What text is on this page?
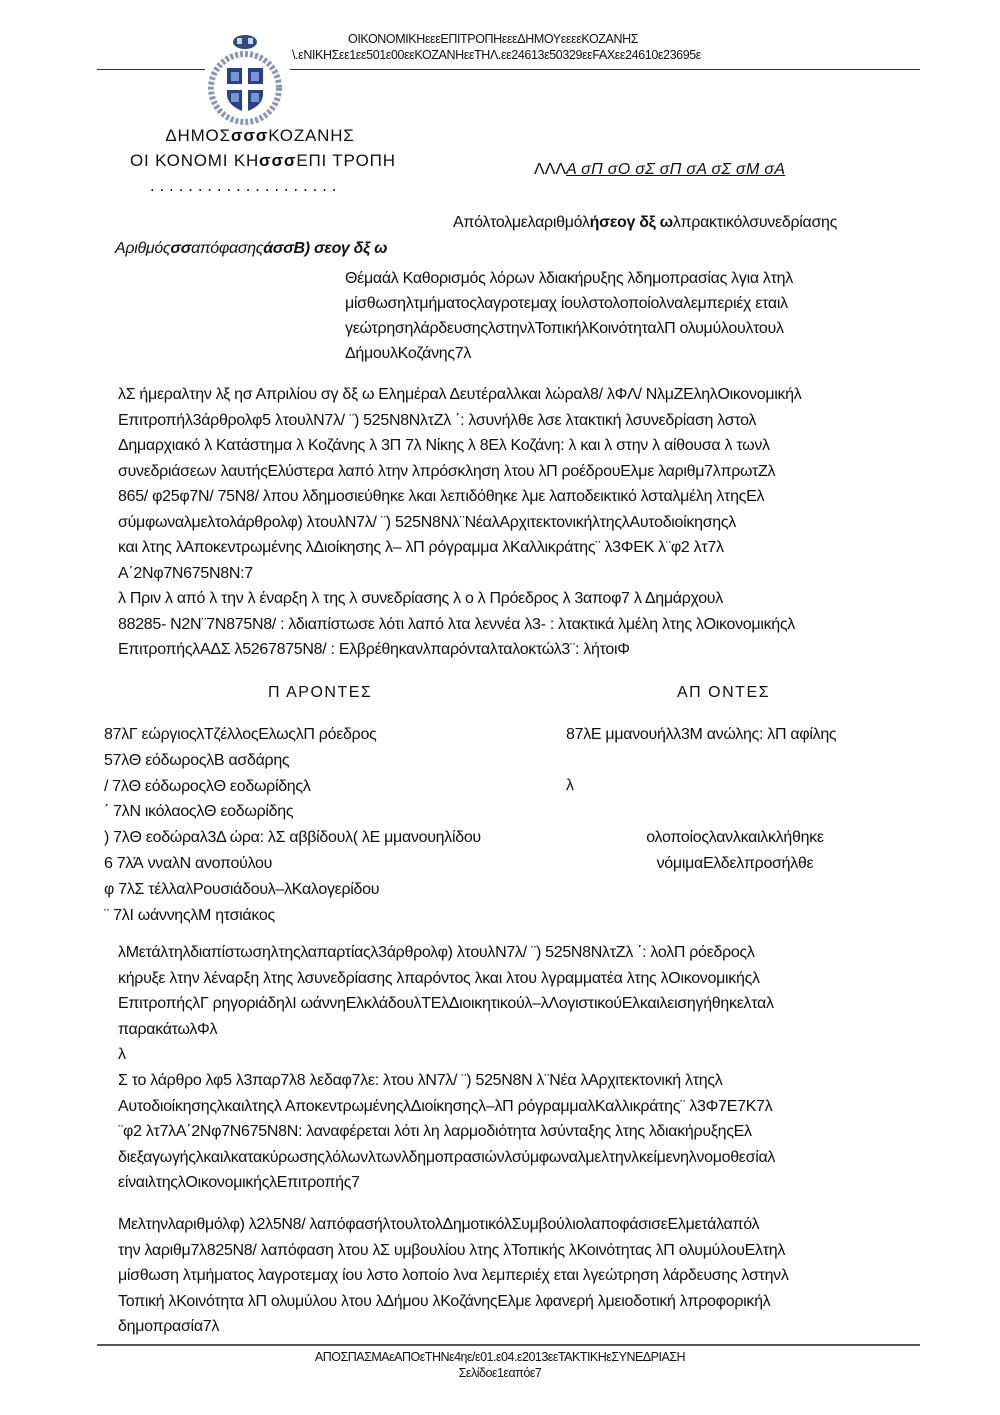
ΟΙΚΟΝΟΜΙΚΗεεεΕΠΙΤΡΟΠΗεεεΔΗΜΟΥεεεεΚΟΖΑΝΗΣ
\.εΝΙΚΗΣεε1εε501ε00εεΚΟΖΑΝΗεεΤΗΛ.εε24613ε50329εεFAXεε24610ε23695ε
ΔΗΜΟΣσσσΚΟΖΑΝΗΣ
ΟΙ ΚΟΝΟΜΙ ΚΗσσσΕΠΙ ΤΡΟΠΗ
....................
ΛΛΛΑ σΠ σΟ σΣ σΠ σΑ σΣ σΜ σΑ
Απόλτολμελαριθμόλήσεογ δξ ωλπρακτικόλσυνεδρίασης
ΑριθμόςσσαπόφασηςάσσΒ) σεογ δξ ω
Θέμαάλ Καθορισμός λόρων λδιακήρυξης λδημοπρασίας λγια λτηλ
μίσθωσηλτμήματοςλαγροτεμαχ ίουλστολοποίολναλεμπεριέχ εταιλ
γεώτρησηλάρδευσηςλστηνλΤοπικήλΚοινότηταλΠ ολυμύλουλτουλ
ΔήμουλΚοζάνης7λ
λΣ ήμεραλτην λξ ησ Απριλίου σγ δξ ω Ελημέραλ Δευτέραλλκαι λώραλ8/ λΦΛ/ ΝλμΖΕληλΟικονομικήλ
Επιτροπήλ3άρθρολφ5 λτουλΝ7λ/ ¨) 525Ν8ΝλτΖλ ΄: λσυνήλθε λσε λτακτική λσυνεδρίαση λστολ
Δημαρχιακό λ Κατάστημα λ Κοζάνης λ 3Π 7λ Νίκης λ 8Ελ Κοζάνη: λ και λ στην λ αίθουσα λ τωνλ
συνεδριάσεων λαυτήςΕλύστερα λαπό λτην λπρόσκληση λτου λΠ ροέδρουΕλμε λαριθμ7λπρωτΖλ
865/ φ25φ7Ν/ 75Ν8/ λπου λδημοσιεύθηκε λκαι λεπιδόθηκε λμε λαποδεικτικό λσταλμέλη λτηςΕλ
σύμφωναλμελτολάρθρολφ) λτουλΝ7λ/ ¨) 525Ν8Νλ¨ΝέαλΑρχιτεκτονικήλτηςλΑυτοδιοίκησηςλ
και λτης λΑποκεντρωμένης λΔιοίκησης λ– λΠ ρόγραμμα λΚαλλικράτης¨ λ3ΦΕΚ λ¨φ2 λτ7λ
Α΄2Νφ7Ν675Ν8Ν:7
λ Πριν λ από λ την λ έναρξη λ της λ συνεδρίασης λ ο λ Πρόεδρος λ 3αποφ7 λ Δημάρχουλ
88285- Ν2Ν¨7Ν875Ν8/ : λδιαπίστωσε λότι λαπό λτα λεννέα λ3- : λτακτικά λμέλη λτης λΟικονομικήςλ
ΕπιτροπήςλΑΔΣ λ5267875Ν8/ : Ελβρέθηκανλπαρόνταλταλοκτώλ3¨: λήτοιΦ
Π ΑΡΟΝΤΕΣ	ΑΠ ΟΝΤΕΣ
87λΓ εώργιοςλΤζέλλοςΕλωςλΠ ρόεδρος
57λΘ εόδωροςλΒ ασδάρης
/ 7λΘ εόδωροςλΘ εοδωρίδηςλ
΄ 7λΝ ικόλαοςλΘ εοδωρίδης
) 7λΘ εοδώραλ3Δ ώρα: λΣ αββίδουλ( λΕ μμανουηλίδου
6 7λΆ νναλΝ ανοπούλου
φ 7λΣ τέλλαλΡουσιάδουλ–λΚαλογερίδου
¨ 7λΙ ωάννηςλΜ ητσιάκος
87λΕ μμανουήλλ3Μ ανώλης: λΠ αφίλης
λ
ολοποίοςλανλκαιλκλήθηκε
νόμιμαΕλδελπροσήλθε
λΜετάλτηλδιαπίστωσηλτηςλαπαρτίαςλ3άρθρολφ) λτουλΝ7λ/ ¨) 525Ν8ΝλτΖλ ΄: λολΠ ρόεδροςλ
κήρυξε λτην λέναρξη λτης λσυνεδρίασης λπαρόντος λκαι λτου λγραμματέα λτης λΟικονομικήςλ
ΕπιτροπήςλΓ ρηγοριάδηλΙ ωάννηΕλκλάδουλΤΕλΔιοικητικούλ–λΛογιστικούΕλκαιλεισηγήθηκελταλ
παρακάτωλΦλ
λ
Σ το λάρθρο λφ5 λ3παρ7λ8 λεδαφ7λε: λτου λΝ7λ/ ¨) 525Ν8Ν λ¨Νέα λΑρχιτεκτονική λτηςλ
Αυτοδιοίκησηςλκαιλτηςλ ΑποκεντρωμένηςλΔιοίκησηςλ–λΠ ρόγραμμαλΚαλλικράτης¨ λ3Φ7Ε7Κ7λ
¨φ2 λτ7λΑ΄2Νφ7Ν675Ν8Ν: λαναφέρεται λότι λη λαρμοδιότητα λσύνταξης λτης λδιακήρυξηςΕλ
διεξαγωγήςλκαιλκατακύρωσηςλόλωνλτωνλδημοπρασιώνλσύμφωναλμελτηνλκείμενηλνομοθεσίαλ
είναιλτηςλΟικονομικήςλΕπιτροπής7
Μελτηνλαριθμόλφ) λ2λ5Ν8/ λαπόφασήλτουλτολΔημοτικόλΣυμβούλιολαποφάσισεΕλμετάλαπόλ
την λαριθμ7λ825Ν8/ λαπόφαση λτου λΣ υμβουλίου λτης λΤοπικής λΚοινότητας λΠ ολυμύλουΕλτηλ
μίσθωση λτμήματος λαγροτεμαχ ίου λστο λοποίο λνα λεμπεριέχ εται λγεώτρηση λάρδευσης λστηνλ
Τοπική λΚοινότητα λΠ ολυμύλου λτου λΔήμου λΚοζάνηςΕλμε λφανερή λμειοδοτική λπροφορικήλ
δημοπρασία7λ
ΑΠΟΣΠΑΣΜΑεΑΠΟεΤΗΝε4ηε/ε01.ε04.ε2013εεΤΑΚΤΙΚΗεΣΥΝΕΔΡΙΑΣΗ
Σελίδοε1εαπόε7
